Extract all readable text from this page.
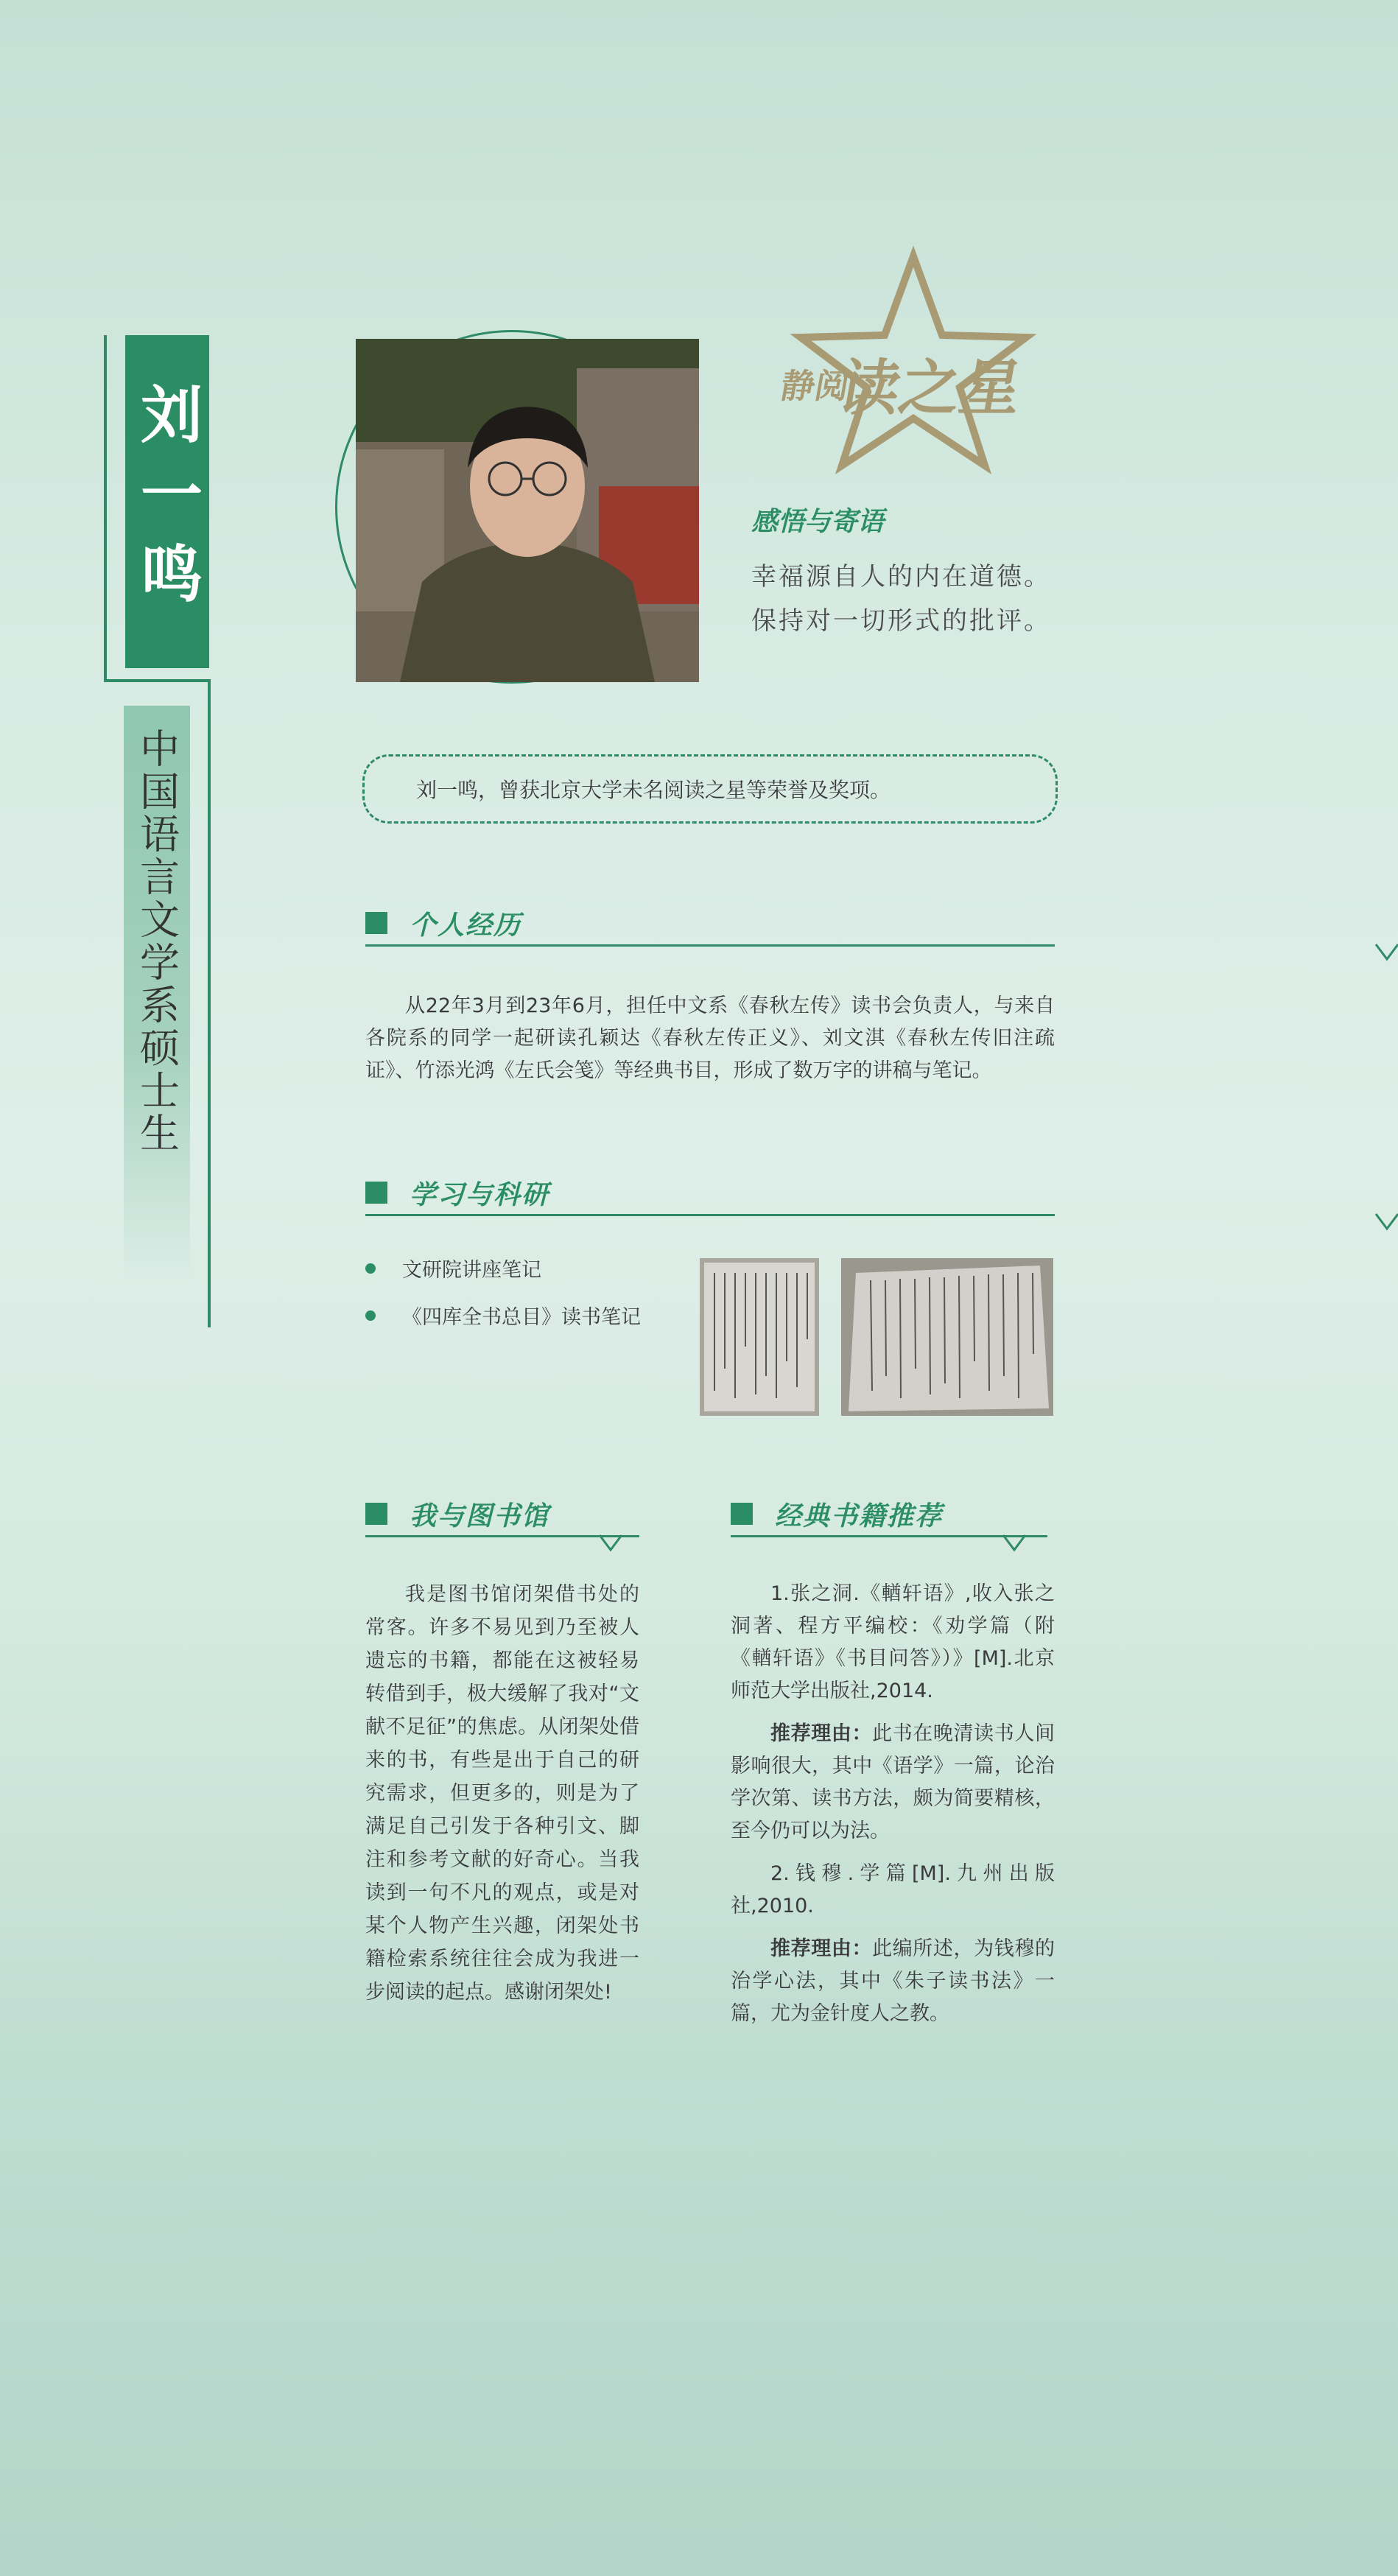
刘一鸣
中国语言文学系硕士生
静阅
读之星
感悟与寄语
幸福源自人的内在道德。
保持对一切形式的批评。
刘一鸣，曾获北京大学未名阅读之星等荣誉及奖项。
个人经历
从22年3月到23年6月，担任中文系《春秋左传》读书会负责人，与来自各院系的同学一起研读孔颖达《春秋左传正义》、刘文淇《春秋左传旧注疏证》、竹添光鸿《左氏会笺》等经典书目，形成了数万字的讲稿与笔记。
学习与科研
文研院讲座笔记
《四库全书总目》读书笔记
我与图书馆
我是图书馆闭架借书处的常客。许多不易见到乃至被人遗忘的书籍，都能在这被轻易转借到手，极大缓解了我对“文献不足征”的焦虑。从闭架处借来的书，有些是出于自己的研究需求，但更多的，则是为了满足自己引发于各种引文、脚注和参考文献的好奇心。当我读到一句不凡的观点，或是对某个人物产生兴趣，闭架处书籍检索系统往往会成为我进一步阅读的起点。感谢闭架处!
经典书籍推荐
1.张之洞.《輶轩语》,收入张之洞著、程方平编校：《劝学篇（附《輶轩语》《书目问答》）》[M].北京师范大学出版社,2014.
推荐理由：此书在晚清读书人间影响很大，其中《语学》一篇，论治学次第、读书方法，颇为简要精核，至今仍可以为法。
2.钱穆.学篇[M].九州出版社,2010.
推荐理由：此编所述，为钱穆的治学心法，其中《朱子读书法》一篇，尤为金针度人之教。
